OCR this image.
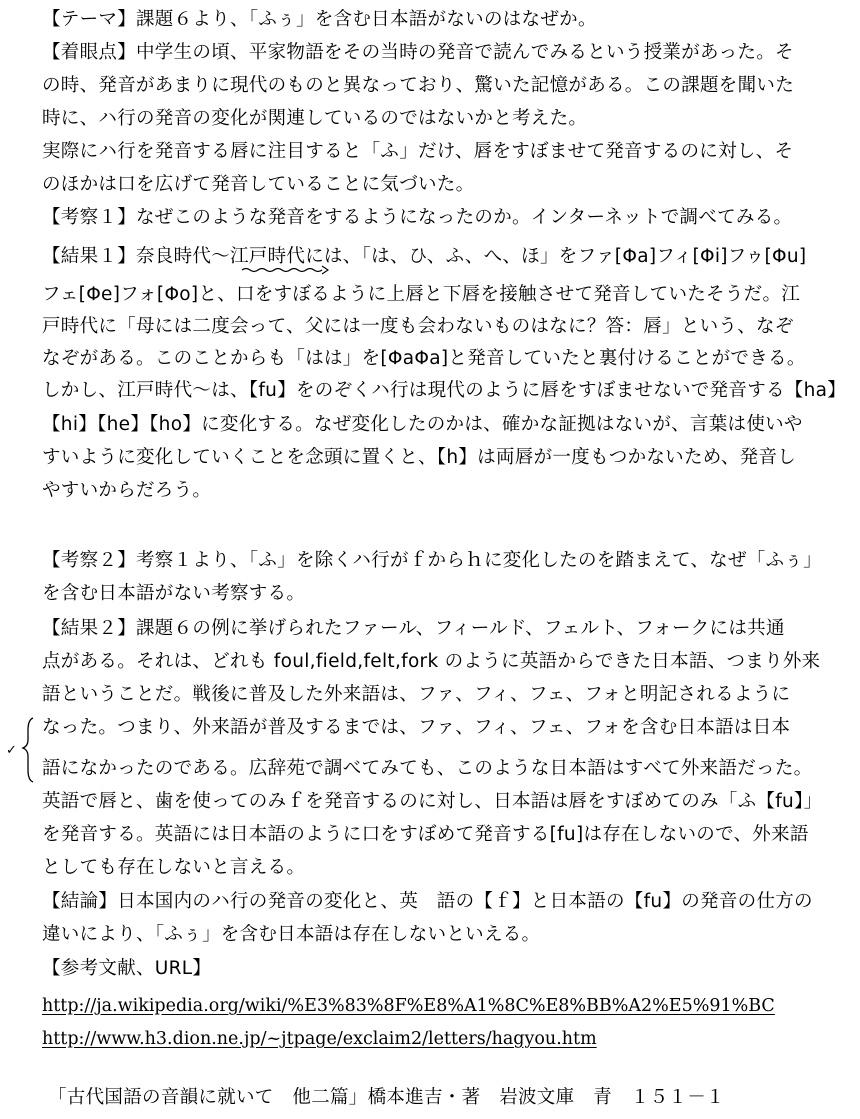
【テーマ】課題６より、「ふぅ」を含む日本語がないのはなぜか。
【着眼点】中学生の頃、平家物語をその当時の発音で読んでみるという授業があった。そ
の時、発音があまりに現代のものと異なっており、驚いた記憶がある。この課題を聞いた
時に、ハ行の発音の変化が関連しているのではないかと考えた。
実際にハ行を発音する唇に注目すると「ふ」だけ、唇をすぼませて発音するのに対し、そ
のほかは口を広げて発音していることに気づいた。
【考察１】なぜこのような発音をするようになったのか。インターネットで調べてみる。
【結果１】奈良時代～江戸時代には、「は、ひ、ふ、へ、ほ」をファ[Φa]フィ[Φi]フゥ[Φu]
フェ[Φe]フォ[Φo]と、口をすぼるように上唇と下唇を接触させて発音していたそうだ。江
戸時代に「母には二度会って、父には一度も会わないものはなに？答：唇」という、なぞ
なぞがある。このことからも「はは」を[ΦaΦa]と発音していたと裏付けることができる。
しかし、江戸時代～は、【fu】をのぞくハ行は現代のように唇をすぼませないで発音する【ha】
【hi】【he】【ho】に変化する。なぜ変化したのかは、確かな証拠はないが、言葉は使いや
すいように変化していくことを念頭に置くと、【h】は両唇が一度もつかないため、発音し
やすいからだろう。
【考察２】考察１より、「ふ」を除くハ行がｆからｈに変化したのを踏まえて、なぜ「ふぅ」
を含む日本語がない考察する。
【結果２】課題６の例に挙げられたファール、フィールド、フェルト、フォークには共通
点がある。それは、どれも foul,field,felt,fork のように英語からできた日本語、つまり外来
語ということだ。戦後に普及した外来語は、ファ、フィ、フェ、フォと明記されるように
なった。つまり、外来語が普及するまでは、ファ、フィ、フェ、フォを含む日本語は日本
語になかったのである。広辞苑で調べてみても、このような日本語はすべて外来語だった。
英語で唇と、歯を使ってのみｆを発音するのに対し、日本語は唇をすぼめてのみ「ふ【fu】」
を発音する。英語には日本語のように口をすぼめて発音する[fu]は存在しないので、外来語
としても存在しないと言える。
【結論】日本国内のハ行の発音の変化と、英　語の【ｆ】と日本語の【fu】の発音の仕方の
違いにより、「ふぅ」を含む日本語は存在しないといえる。
【参考文献、URL】
http://ja.wikipedia.org/wiki/%E3%83%8F%E8%A1%8C%E8%BB%A2%E5%91%BC
http://www.h3.dion.ne.jp/~jtpage/exclaim2/letters/hagyou.htm
「古代国語の音韻に就いて　他二篇」橋本進吉・著　岩波文庫　青　１５１－１
✓
